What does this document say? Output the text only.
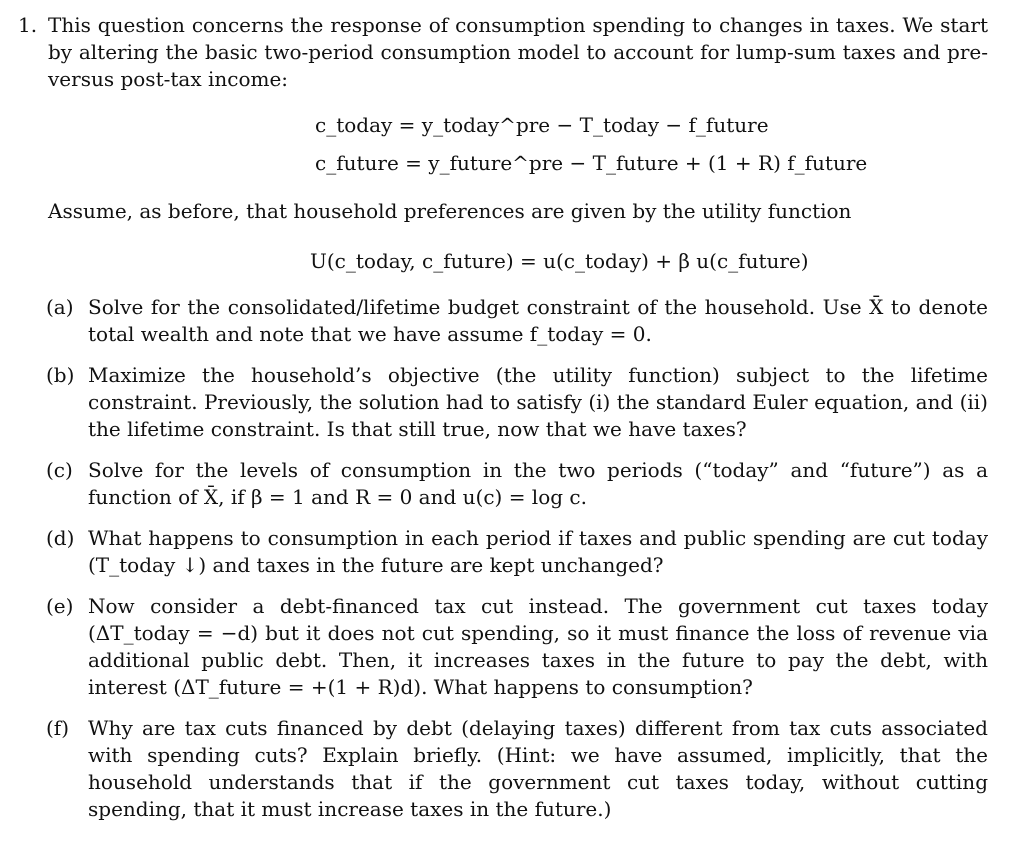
1. This question concerns the response of consumption spending to changes in taxes. We start by altering the basic two-period consumption model to account for lump-sum taxes and pre- versus post-tax income:
c_today = y_today^pre − T_today − f_future
c_future = y_future^pre − T_future + (1 + R) f_future
Assume, as before, that household preferences are given by the utility function
U(c_today, c_future) = u(c_today) + β u(c_future)
(a) Solve for the consolidated/lifetime budget constraint of the household. Use X̄ to denote total wealth and note that we have assume f_today = 0.
(b) Maximize the household’s objective (the utility function) subject to the lifetime constraint. Previously, the solution had to satisfy (i) the standard Euler equation, and (ii) the lifetime constraint. Is that still true, now that we have taxes?
(c) Solve for the levels of consumption in the two periods (“today” and “future”) as a function of X̄, if β = 1 and R = 0 and u(c) = log c.
(d) What happens to consumption in each period if taxes and public spending are cut today (T_today ↓) and taxes in the future are kept unchanged?
(e) Now consider a debt-financed tax cut instead. The government cut taxes today (ΔT_today = −d) but it does not cut spending, so it must finance the loss of revenue via additional public debt. Then, it increases taxes in the future to pay the debt, with interest (ΔT_future = +(1 + R)d). What happens to consumption?
(f) Why are tax cuts financed by debt (delaying taxes) different from tax cuts associated with spending cuts? Explain briefly. (Hint: we have assumed, implicitly, that the household understands that if the government cut taxes today, without cutting spending, that it must increase taxes in the future.)
